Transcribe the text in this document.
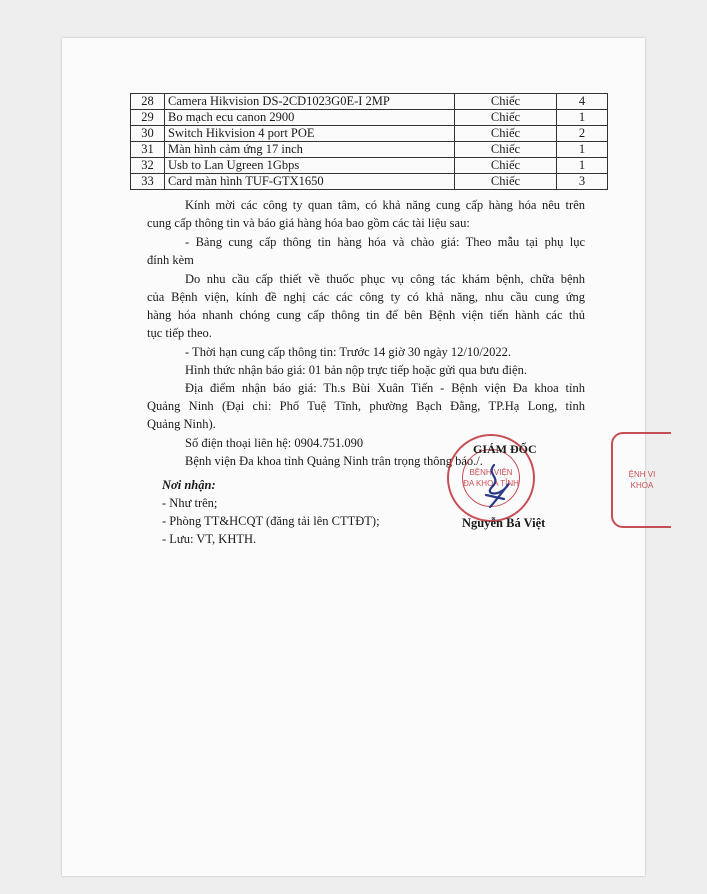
28	Camera Hikvision DS-2CD1023G0E-I 2MP	Chiếc	4
29	Bo mạch ecu canon 2900	Chiếc	1
30	Switch Hikvision 4 port POE	Chiếc	2
31	Màn hình cảm ứng 17 inch	Chiếc	1
32	Usb to Lan Ugreen 1Gbps	Chiếc	1
33	Card màn hình TUF-GTX1650	Chiếc	3
Kính mời các công ty quan tâm, có khả năng cung cấp hàng hóa nêu trên
cung cấp thông tin và báo giá hàng hóa bao gồm các tài liệu sau:
- Bảng cung cấp thông tin hàng hóa và chào giá: Theo mẫu tại phụ lục
đính kèm
Do nhu cầu cấp thiết về thuốc phục vụ công tác khám bệnh, chữa bệnh
của Bệnh viện, kính đề nghị các các công ty có khả năng, nhu cầu cung ứng
hàng hóa nhanh chóng cung cấp thông tin để bên Bệnh viện tiến hành các thủ
tục tiếp theo.
- Thời hạn cung cấp thông tin: Trước 14 giờ 30 ngày 12/10/2022.
Hình thức nhận báo giá: 01 bản nộp trực tiếp hoặc gửi qua bưu điện.
Địa điểm nhận báo giá: Th.s Bùi Xuân Tiến - Bệnh viện Đa khoa tỉnh
Quảng Ninh (Đại chỉ: Phố Tuệ Tĩnh, phường Bạch Đằng, TP.Hạ Long, tỉnh
Quảng Ninh).
Số điện thoại liên hệ: 0904.751.090
Bệnh viện Đa khoa tỉnh Quảng Ninh trân trọng thông báo./.
Nơi nhận:
- Như trên;
- Phòng TT&HCQT (đăng tải lên CTTĐT);
- Lưu: VT, KHTH.
BỆNH VIỆN
ĐA KHOA TỈNH
GIÁM ĐỐC
Nguyễn Bá Việt
ỆNH VI
KHOA
